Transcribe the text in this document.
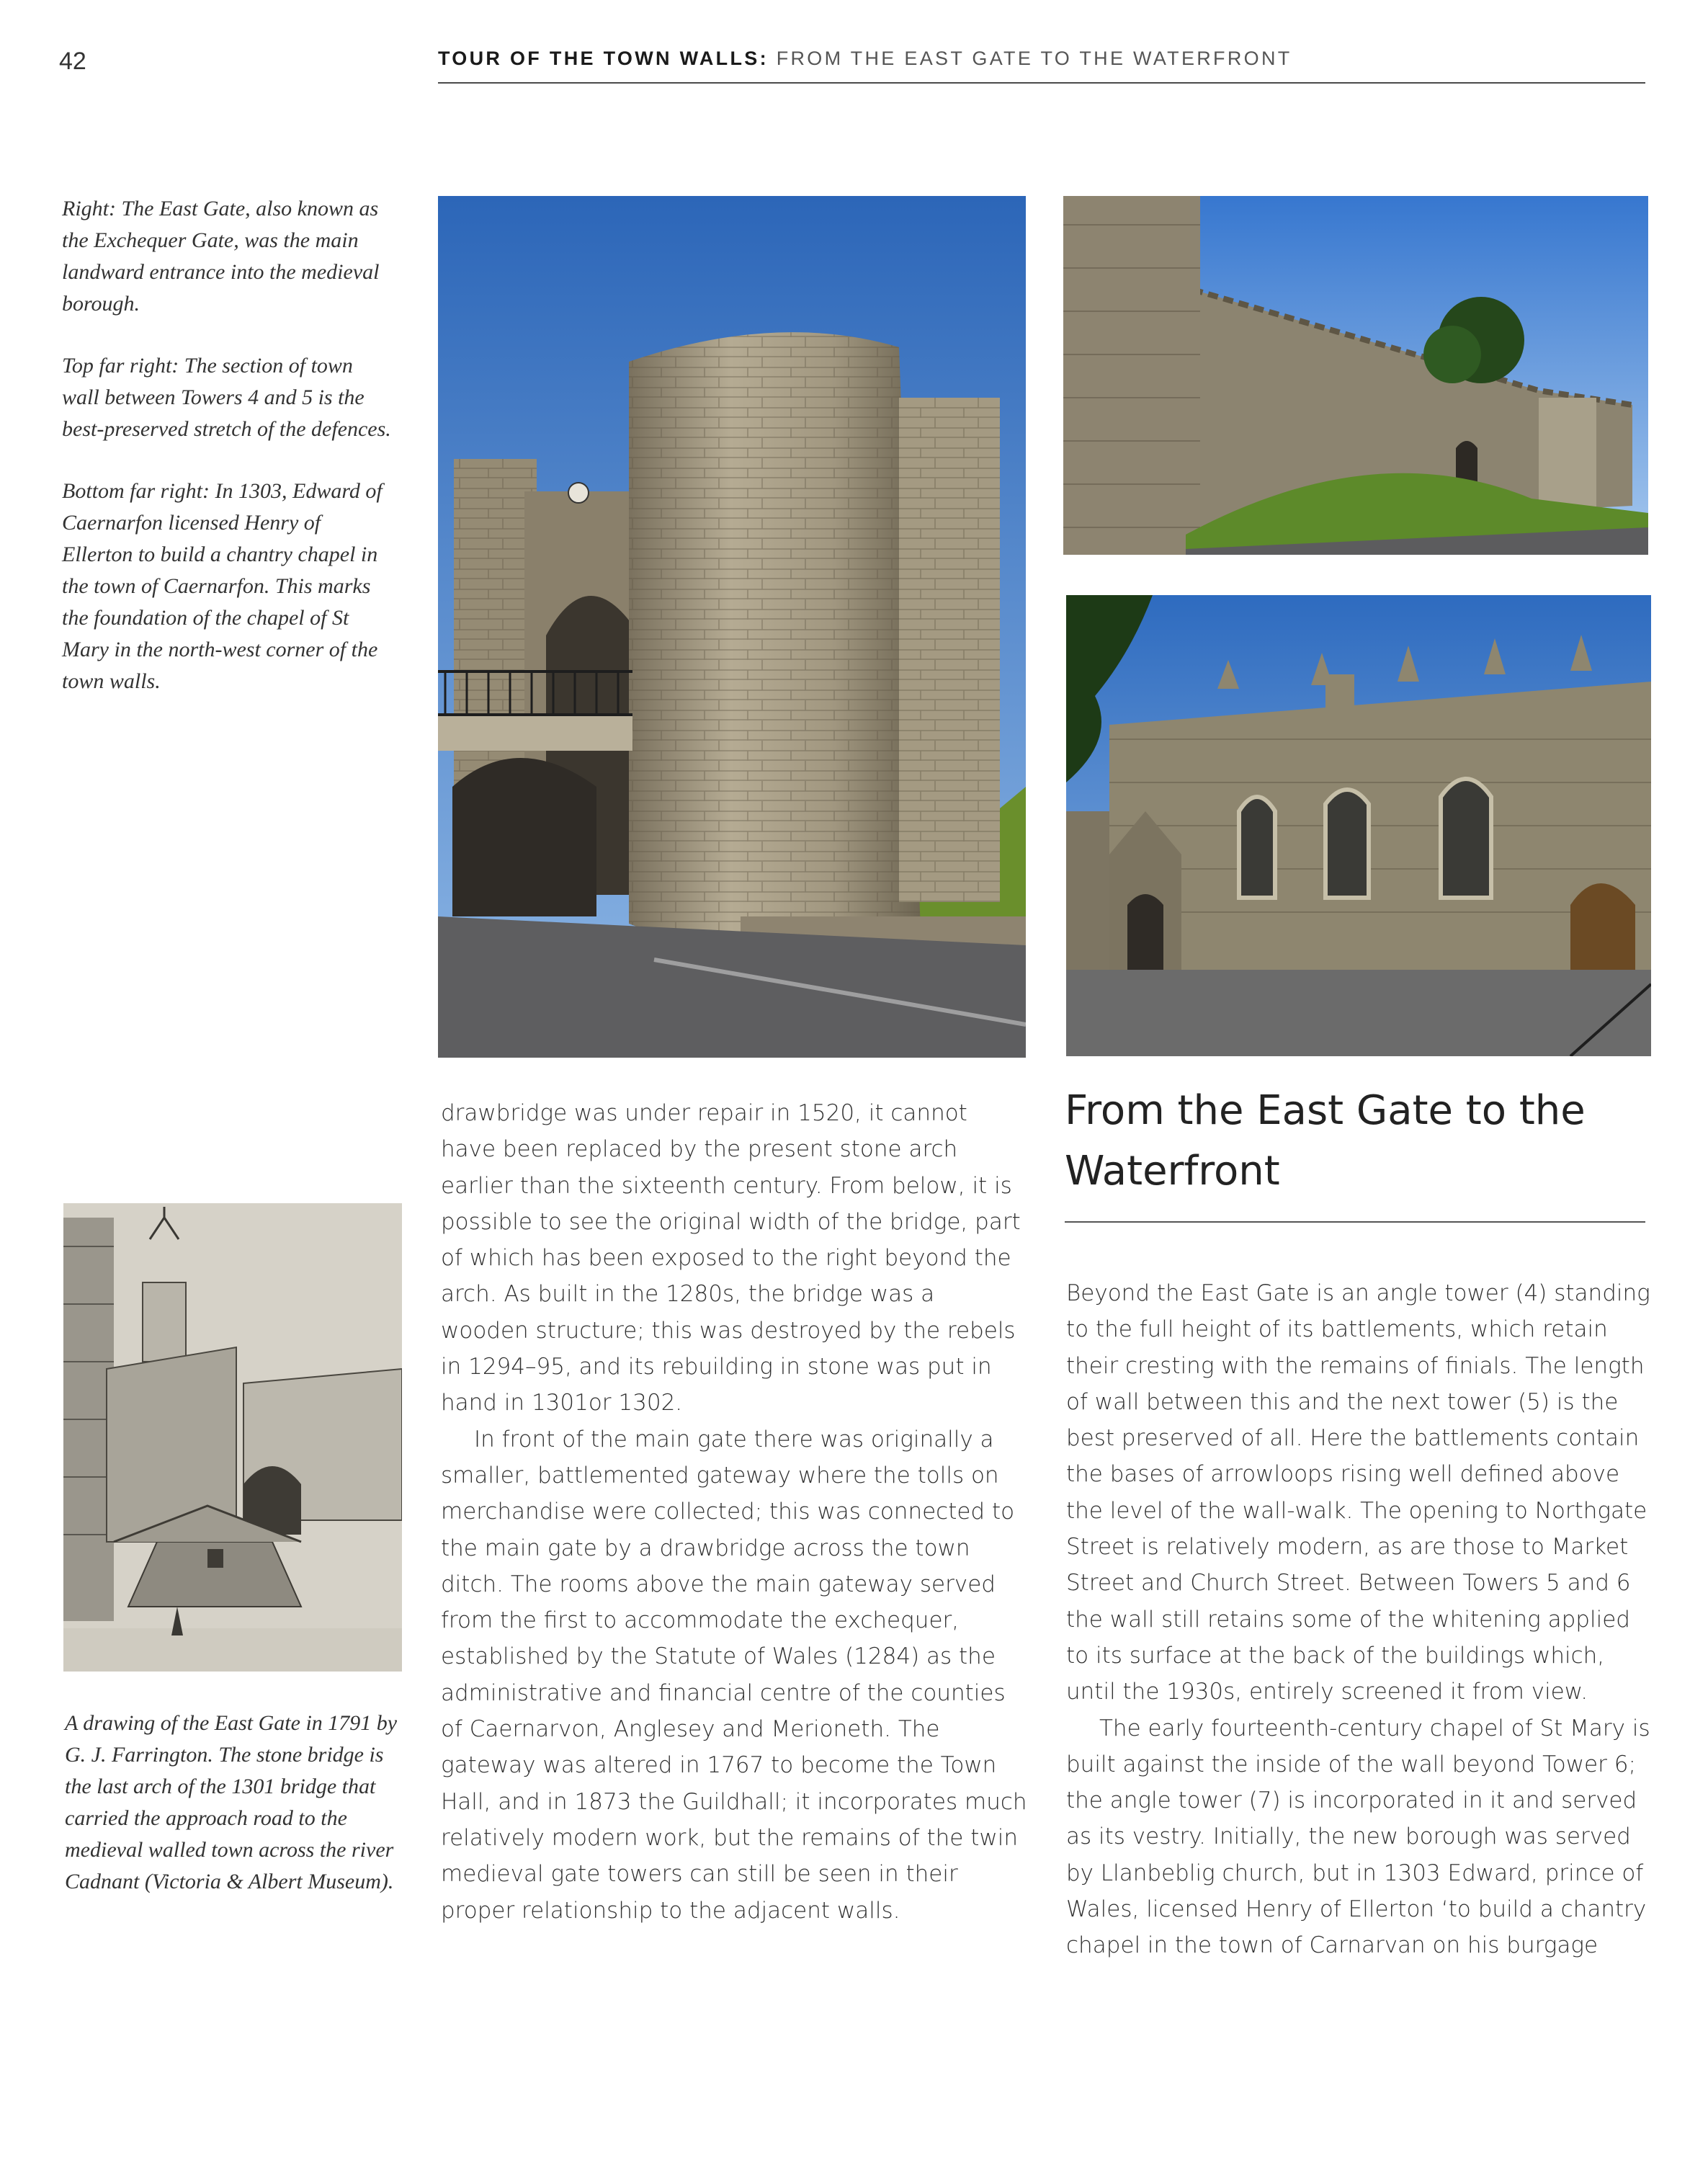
42	TOUR OF THE TOWN WALLS: FROM THE EAST GATE TO THE WATERFRONT

Right: The East Gate, also known as the Exchequer Gate, was the main landward entrance into the medieval borough.

Top far right: The section of town wall between Towers 4 and 5 is the best-preserved stretch of the defences.

Bottom far right: In 1303, Edward of Caernarfon licensed Henry of Ellerton to build a chantry chapel in the town of Caernarfon. This marks the foundation of the chapel of St Mary in the north-west corner of the town walls.

A drawing of the East Gate in 1791 by G. J. Farrington. The stone bridge is the last arch of the 1301 bridge that carried the approach road to the medieval walled town across the river Cadnant (Victoria & Albert Museum).

drawbridge was under repair in 1520, it cannot have been replaced by the present stone arch earlier than the sixteenth century. From below, it is possible to see the original width of the bridge, part of which has been exposed to the right beyond the arch. As built in the 1280s, the bridge was a wooden structure; this was destroyed by the rebels in 1294–95, and its rebuilding in stone was put in hand in 1301or 1302.

In front of the main gate there was originally a smaller, battlemented gateway where the tolls on merchandise were collected; this was connected to the main gate by a drawbridge across the town ditch. The rooms above the main gateway served from the first to accommodate the exchequer, established by the Statute of Wales (1284) as the administrative and financial centre of the counties of Caernarvon, Anglesey and Merioneth. The gateway was altered in 1767 to become the Town Hall, and in 1873 the Guildhall; it incorporates much relatively modern work, but the remains of the twin medieval gate towers can still be seen in their proper relationship to the adjacent walls.

From the East Gate to the Waterfront

Beyond the East Gate is an angle tower (4) standing to the full height of its battlements, which retain their cresting with the remains of finials. The length of wall between this and the next tower (5) is the best preserved of all. Here the battlements contain the bases of arrowloops rising well defined above the level of the wall-walk. The opening to Northgate Street is relatively modern, as are those to Market Street and Church Street. Between Towers 5 and 6 the wall still retains some of the whitening applied to its surface at the back of the buildings which, until the 1930s, entirely screened it from view.

The early fourteenth-century chapel of St Mary is built against the inside of the wall beyond Tower 6; the angle tower (7) is incorporated in it and served as its vestry. Initially, the new borough was served by Llanbeblig church, but in 1303 Edward, prince of Wales, licensed Henry of Ellerton ‘to build a chantry chapel in the town of Carnarvan on his burgage
